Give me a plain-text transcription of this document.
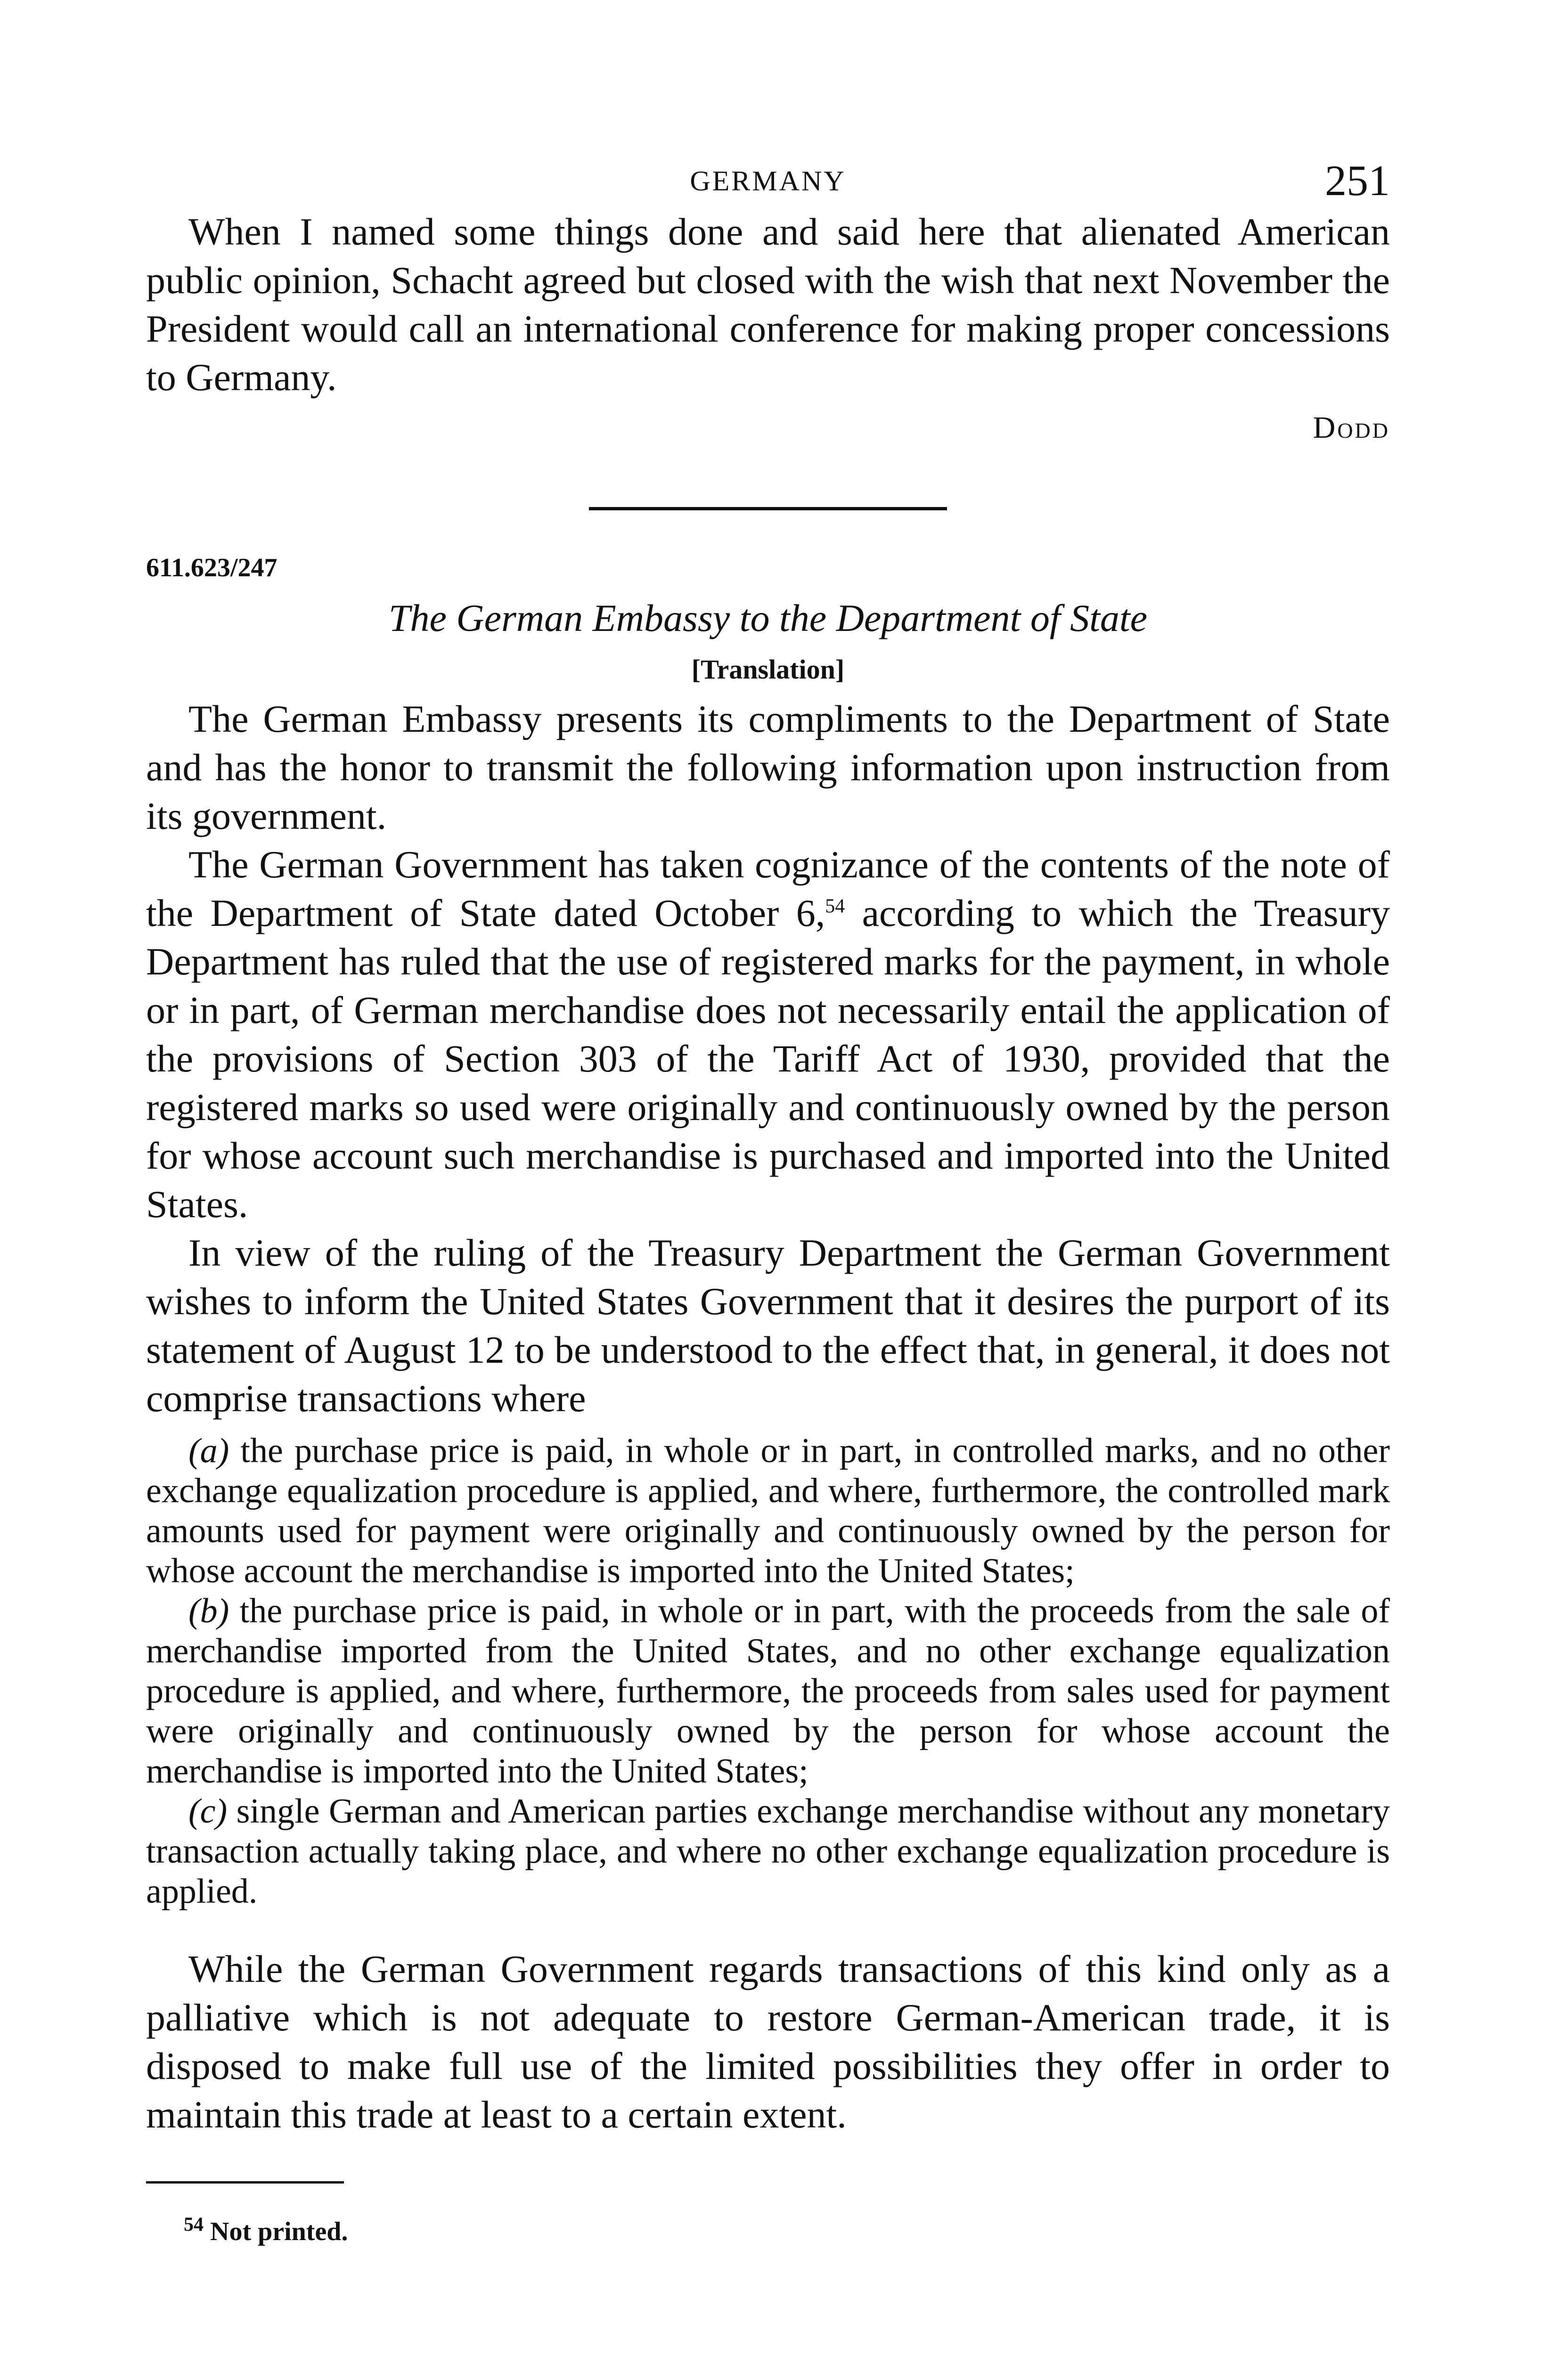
GERMANY	251

When I named some things done and said here that alienated American public opinion, Schacht agreed but closed with the wish that next November the President would call an international conference for making proper concessions to Germany.

Dodd
611.623/247
The German Embassy to the Department of State
[Translation]

The German Embassy presents its compliments to the Department of State and has the honor to transmit the following information upon instruction from its government.

The German Government has taken cognizance of the contents of the note of the Department of State dated October 6,54 according to which the Treasury Department has ruled that the use of registered marks for the payment, in whole or in part, of German merchandise does not necessarily entail the application of the provisions of Section 303 of the Tariff Act of 1930, provided that the registered marks so used were originally and continuously owned by the person for whose account such merchandise is purchased and imported into the United States.

In view of the ruling of the Treasury Department the German Government wishes to inform the United States Government that it desires the purport of its statement of August 12 to be understood to the effect that, in general, it does not comprise transactions where

(a) the purchase price is paid, in whole or in part, in controlled marks, and no other exchange equalization procedure is applied, and where, furthermore, the controlled mark amounts used for payment were originally and continuously owned by the person for whose account the merchandise is imported into the United States;

(b) the purchase price is paid, in whole or in part, with the proceeds from the sale of merchandise imported from the United States, and no other exchange equalization procedure is applied, and where, furthermore, the proceeds from sales used for payment were originally and continuously owned by the person for whose account the merchandise is imported into the United States;

(c) single German and American parties exchange merchandise without any monetary transaction actually taking place, and where no other exchange equalization procedure is applied.

While the German Government regards transactions of this kind only as a palliative which is not adequate to restore German-American trade, it is disposed to make full use of the limited possibilities they offer in order to maintain this trade at least to a certain extent.

$^{54}$ Not printed.
